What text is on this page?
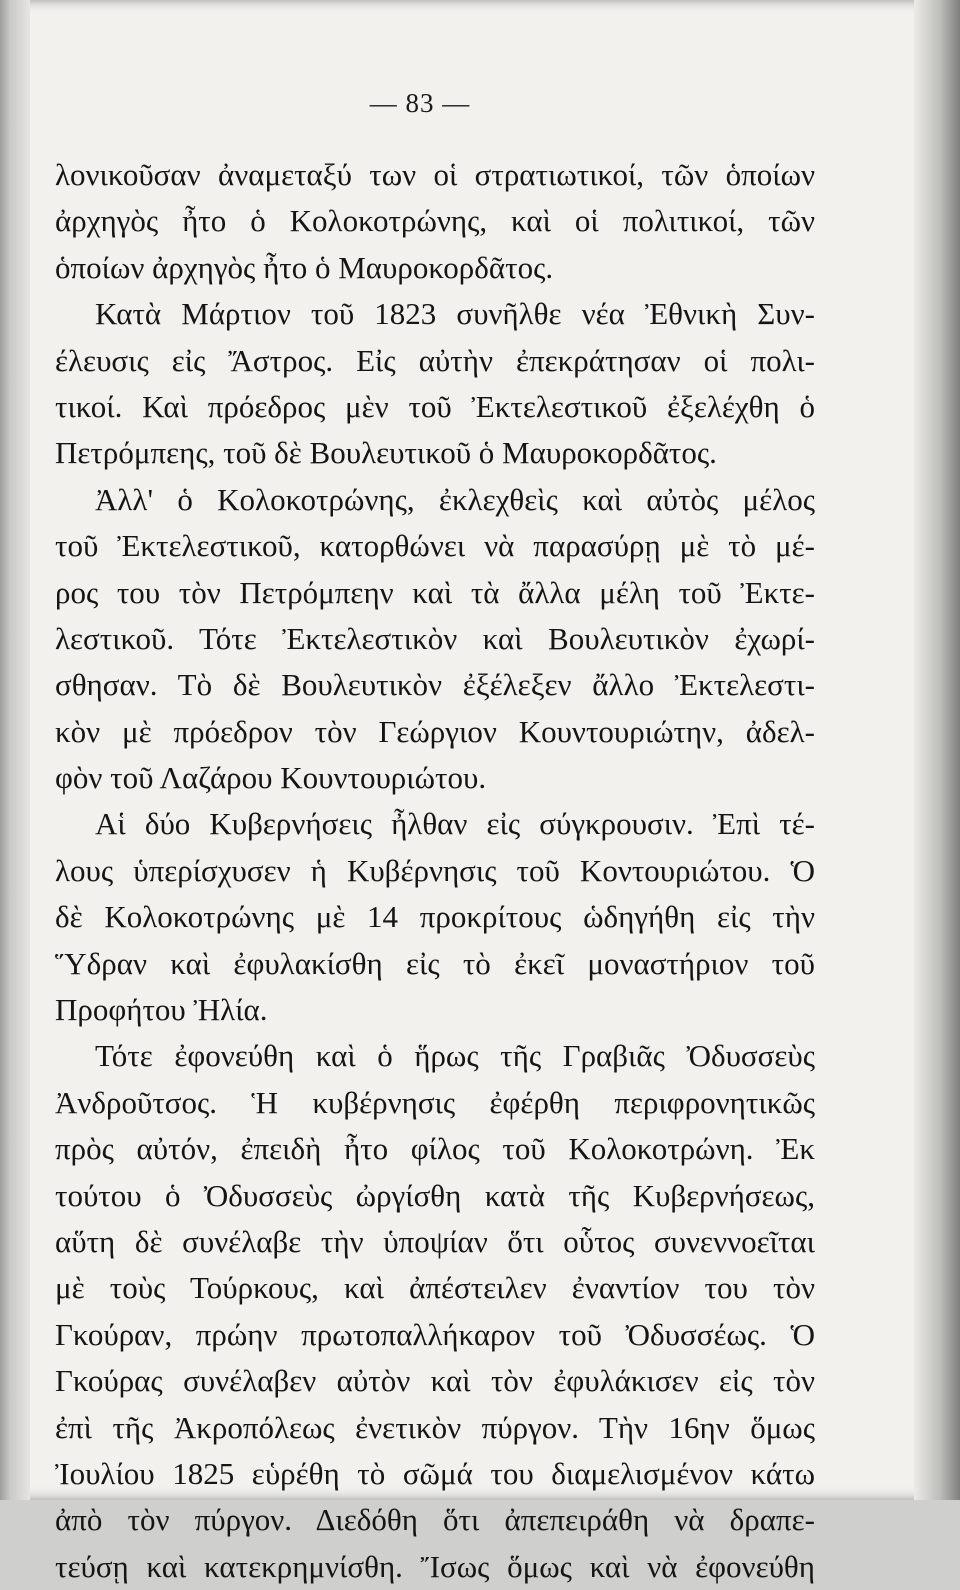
— 83 —
λονικοῦσαν ἀναμεταξύ των οἱ στρατιωτικοί, τῶν ὁποίων
ἀρχηγὸς ἦτο ὁ Κολοκοτρώνης, καὶ οἱ πολιτικοί, τῶν
ὁποίων ἀρχηγὸς ἦτο ὁ Μαυροκορδᾶτος.
Κατὰ Μάρτιον τοῦ 1823 συνῆλθε νέα Ἐθνικὴ Συν-
έλευσις εἰς Ἄστρος. Εἰς αὐτὴν ἐπεκράτησαν οἱ πολι-
τικοί. Καὶ πρόεδρος μὲν τοῦ Ἐκτελεστικοῦ ἐξελέχθη ὁ
Πετρόμπεης, τοῦ δὲ Βουλευτικοῦ ὁ Μαυροκορδᾶτος.
Ἀλλ' ὁ Κολοκοτρώνης, ἐκλεχθεὶς καὶ αὐτὸς μέλος
τοῦ Ἐκτελεστικοῦ, κατορθώνει νὰ παρασύρῃ μὲ τὸ μέ-
ρος του τὸν Πετρόμπεην καὶ τὰ ἄλλα μέλη τοῦ Ἐκτε-
λεστικοῦ. Τότε Ἐκτελεστικὸν καὶ Βουλευτικὸν ἐχωρί-
σθησαν. Τὸ δὲ Βουλευτικὸν ἐξέλεξεν ἄλλο Ἐκτελεστι-
κὸν μὲ πρόεδρον τὸν Γεώργιον Κουντουριώτην, ἀδελ-
φὸν τοῦ Λαζάρου Κουντουριώτου.
Αἱ δύο Κυβερνήσεις ἦλθαν εἰς σύγκρουσιν. Ἐπὶ τέ-
λους ὑπερίσχυσεν ἡ Κυβέρνησις τοῦ Κοντουριώτου. Ὁ
δὲ Κολοκοτρώνης μὲ 14 προκρίτους ὡδηγήθη εἰς τὴν
Ὕδραν καὶ ἐφυλακίσθη εἰς τὸ ἐκεῖ μοναστήριον τοῦ
Προφήτου Ἠλία.
Τότε ἐφονεύθη καὶ ὁ ἥρως τῆς Γραβιᾶς Ὀδυσσεὺς
Ἀνδροῦτσος. Ἡ κυβέρνησις ἐφέρθη περιφρονητικῶς
πρὸς αὐτόν, ἐπειδὴ ἦτο φίλος τοῦ Κολοκοτρώνη. Ἐκ
τούτου ὁ Ὀδυσσεὺς ὠργίσθη κατὰ τῆς Κυβερνήσεως,
αὕτη δὲ συνέλαβε τὴν ὑποψίαν ὅτι οὗτος συνεννοεῖται
μὲ τοὺς Τούρκους, καὶ ἀπέστειλεν ἐναντίον του τὸν
Γκούραν, πρώην πρωτοπαλλήκαρον τοῦ Ὀδυσσέως. Ὁ
Γκούρας συνέλαβεν αὐτὸν καὶ τὸν ἐφυλάκισεν εἰς τὸν
ἐπὶ τῆς Ἀκροπόλεως ἐνετικὸν πύργον. Τὴν 16ην ὅμως
Ἰουλίου 1825 εὑρέθη τὸ σῶμά του διαμελισμένον κάτω
ἀπὸ τὸν πύργον. Διεδόθη ὅτι ἀπεπειράθη νὰ δραπε-
τεύσῃ καὶ κατεκρημνίσθη. Ἴσως ὅμως καὶ νὰ ἐφονεύθη
